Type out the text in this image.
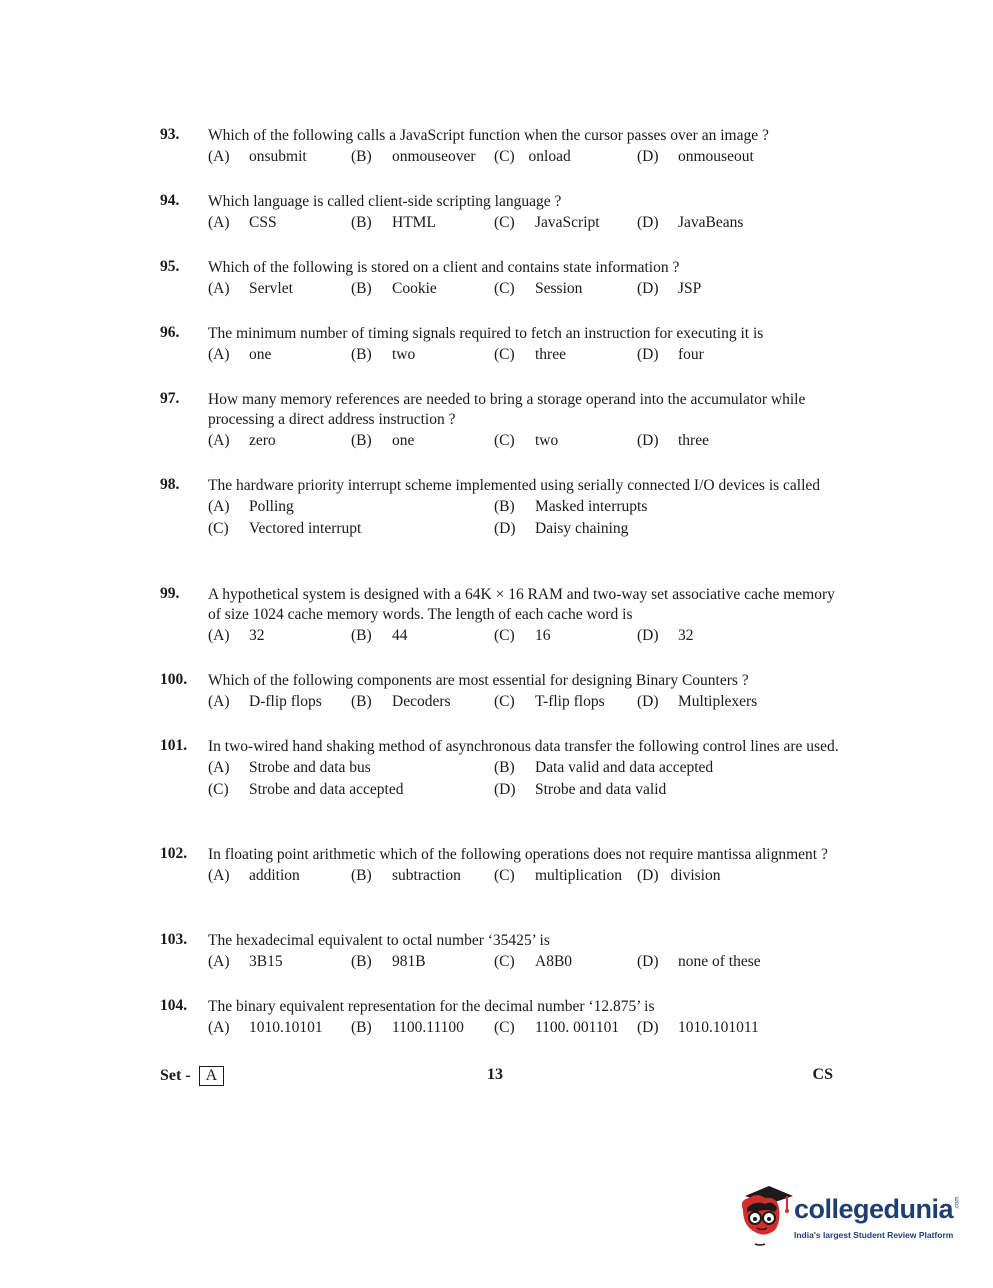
93. Which of the following calls a JavaScript function when the cursor passes over an image ?
(A) onsubmit	(B) onmouseover (C) onload	(D) onmouseout
94. Which language is called client-side scripting language ?
(A) CSS	(B) HTML	(C) JavaScript (D) JavaBeans
95. Which of the following is stored on a client and contains state information ?
(A) Servlet	(B) Cookie	(C) Session	(D) JSP
96. The minimum number of timing signals required to fetch an instruction for executing it is
(A) one	(B) two	(C) three	(D) four
97. How many memory references are needed to bring a storage operand into the accumulator while processing a direct address instruction ?
(A) zero	(B) one	(C) two	(D) three
98. The hardware priority interrupt scheme implemented using serially connected I/O devices is called
(A) Polling	(B) Masked interrupts
(C) Vectored interrupt	(D) Daisy chaining
99. A hypothetical system is designed with a 64K × 16 RAM and two-way set associative cache memory of size 1024 cache memory words. The length of each cache word is
(A) 32	(B) 44	(C) 16	(D) 32
100. Which of the following components are most essential for designing Binary Counters ?
(A) D-flip flops (B) Decoders	(C) T-flip flops (D) Multiplexers
101. In two-wired hand shaking method of asynchronous data transfer the following control lines are used.
(A) Strobe and data bus	(B) Data valid and data accepted
(C) Strobe and data accepted	(D) Strobe and data valid
102. In floating point arithmetic which of the following operations does not require mantissa alignment ?
(A) addition	(B) subtraction (C) multiplication (D) division
103. The hexadecimal equivalent to octal number ‘35425’ is
(A) 3B15	(B) 981B	(C) A8B0	(D) none of these
104. The binary equivalent representation for the decimal number ‘12.875’ is
(A) 1010.10101 (B) 1100.11100 (C) 1100. 001101 (D) 1010.101011
Set - A	13	CS
collegedunia .com
India's largest Student Review Platform
